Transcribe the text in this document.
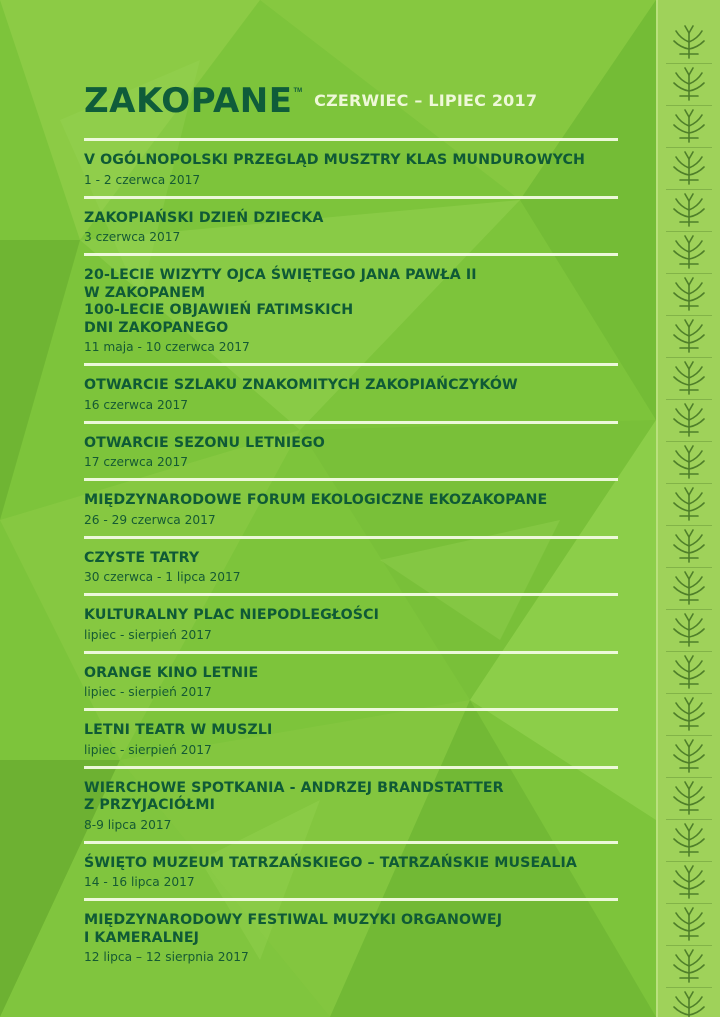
ZAKOPANE TM CZERWIEC – LIPIEC 2017
V OGÓLNOPOLSKI PRZEGLĄD MUSZTRY KLAS MUNDUROWYCH
1 - 2 czerwca 2017
ZAKOPIAŃSKI DZIEŃ DZIECKA
3 czerwca 2017
20-LECIE WIZYTY OJCA ŚWIĘTEGO JANA PAWŁA II
W ZAKOPANEM
100-LECIE OBJAWIEŃ FATIMSKICH
DNI ZAKOPANEGO
11 maja - 10 czerwca 2017
OTWARCIE SZLAKU ZNAKOMITYCH ZAKOPIAŃCZYKÓW
16 czerwca 2017
OTWARCIE SEZONU LETNIEGO
17 czerwca 2017
MIĘDZYNARODOWE FORUM EKOLOGICZNE EKOZAKOPANE
26 - 29 czerwca 2017
CZYSTE TATRY
30 czerwca - 1 lipca 2017
KULTURALNY PLAC NIEPODLEGŁOŚCI
lipiec - sierpień 2017
ORANGE KINO LETNIE
lipiec - sierpień 2017
LETNI TEATR W MUSZLI
lipiec - sierpień 2017
WIERCHOWE SPOTKANIA - ANDRZEJ BRANDSTATTER
Z PRZYJACIÓŁMI
8-9 lipca 2017
ŚWIĘTO MUZEUM TATRZAŃSKIEGO – TATRZAŃSKIE MUSEALIA
14 - 16 lipca 2017
MIĘDZYNARODOWY FESTIWAL MUZYKI ORGANOWEJ
I KAMERALNEJ
12 lipca – 12 sierpnia 2017
